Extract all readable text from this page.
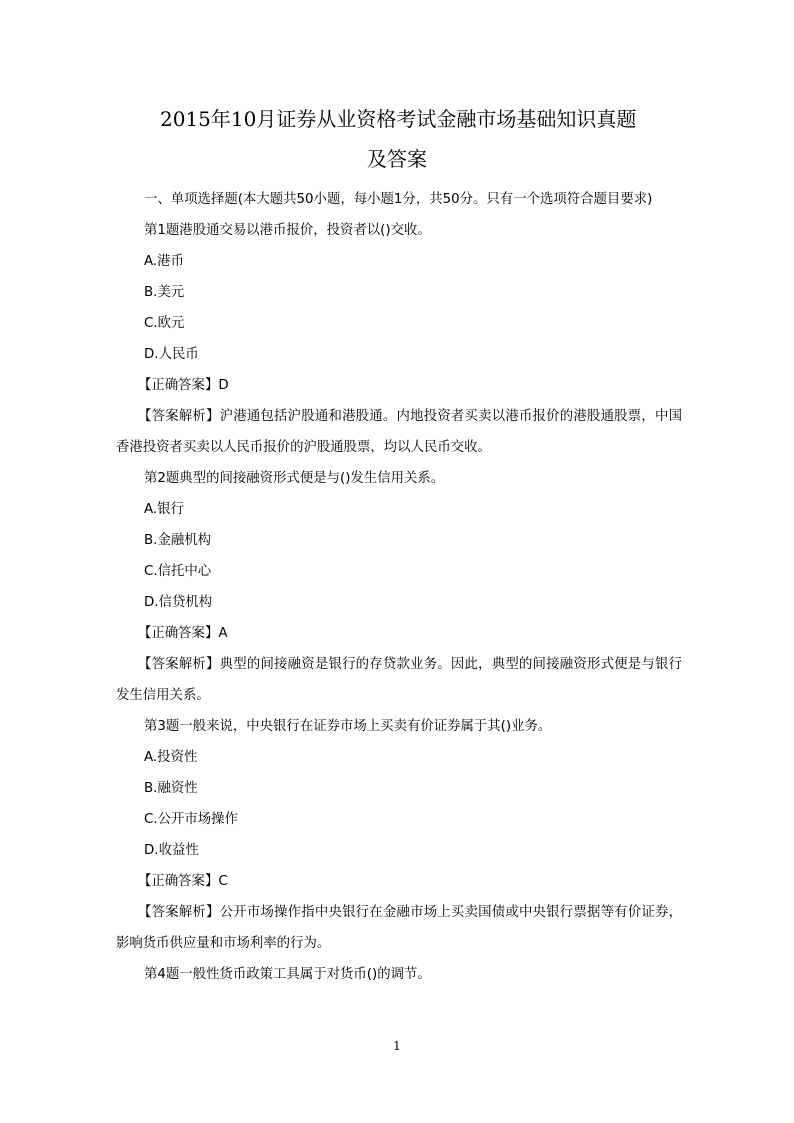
2015年10月证券从业资格考试金融市场基础知识真题
及答案

一、单项选择题(本大题共50小题，每小题1分，共50分。只有一个选项符合题目要求)

第1题港股通交易以港币报价，投资者以()交收。

A.港币

B.美元

C.欧元

D.人民币

【正确答案】D

【答案解析】沪港通包括沪股通和港股通。内地投资者买卖以港币报价的港股通股票，中国香港投资者买卖以人民币报价的沪股通股票，均以人民币交收。

第2题典型的间接融资形式便是与()发生信用关系。

A.银行

B.金融机构

C.信托中心

D.信贷机构

【正确答案】A

【答案解析】典型的间接融资是银行的存贷款业务。因此，典型的间接融资形式便是与银行发生信用关系。

第3题一般来说，中央银行在证券市场上买卖有价证券属于其()业务。

A.投资性

B.融资性

C.公开市场操作

D.收益性

【正确答案】C

【答案解析】公开市场操作指中央银行在金融市场上买卖国债或中央银行票据等有价证券，影响货币供应量和市场利率的行为。

第4题一般性货币政策工具属于对货币()的调节。

1
